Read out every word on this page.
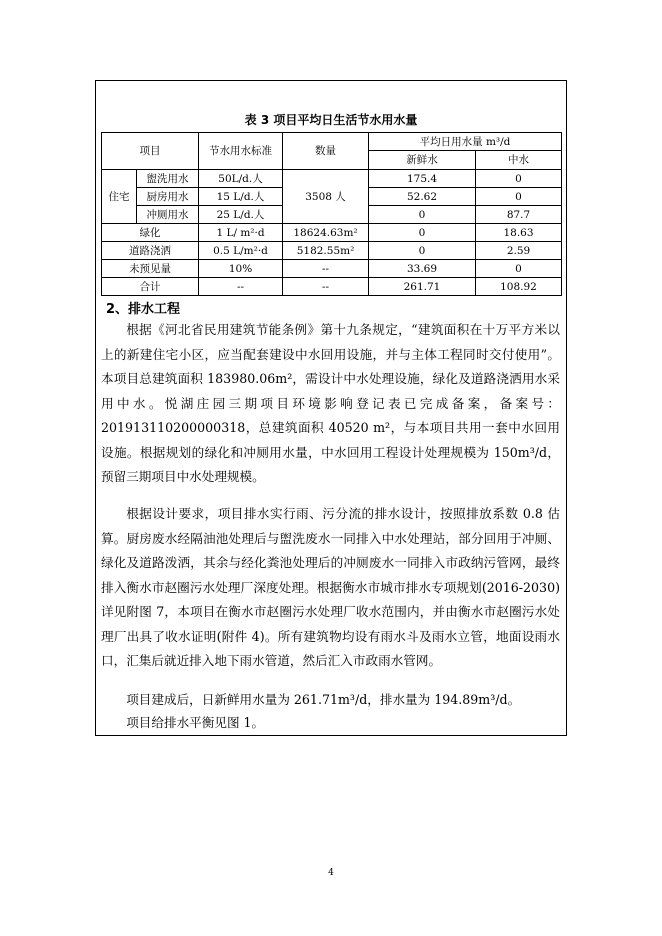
表 3 项目平均日生活节水用水量
项目		节水用水标准	数量	平均日用水量 m³/d	
				新鲜水	中水
住宅	盥洗用水	50L/d.人	3508 人	175.4	0
	厨房用水	15 L/d.人		52.62	0
	冲厕用水	25 L/d.人		0	87.7
绿化		1 L/ m²·d	18624.63m²	0	18.63
道路浇洒		0.5 L/m²·d	5182.55m²	0	2.59
未预见量		10%	--	33.69	0
合计		--	--	261.71	108.92
2、排水工程

根据《河北省民用建筑节能条例》第十九条规定，“建筑面积在十万平方米以上的新建住宅小区，应当配套建设中水回用设施，并与主体工程同时交付使用”。本项目总建筑面积 183980.06m²，需设计中水处理设施，绿化及道路浇洒用水采用中水。悦湖庄园三期项目环境影响登记表已完成备案，备案号：201913110200000318，总建筑面积 40520 m²，与本项目共用一套中水回用设施。根据规划的绿化和冲厕用水量，中水回用工程设计处理规模为 150m³/d，预留三期项目中水处理规模。

根据设计要求，项目排水实行雨、污分流的排水设计，按照排放系数 0.8 估算。厨房废水经隔油池处理后与盥洗废水一同排入中水处理站，部分回用于冲厕、绿化及道路泼洒，其余与经化粪池处理后的冲厕废水一同排入市政纳污管网，最终排入衡水市赵圈污水处理厂深度处理。根据衡水市城市排水专项规划(2016-2030)详见附图 7，本项目在衡水市赵圈污水处理厂收水范围内，并由衡水市赵圈污水处理厂出具了收水证明(附件 4)。所有建筑物均设有雨水斗及雨水立管，地面设雨水口，汇集后就近排入地下雨水管道，然后汇入市政雨水管网。

项目建成后，日新鲜用水量为 261.71m³/d，排水量为 194.89m³/d。

项目给排水平衡见图 1。

4
